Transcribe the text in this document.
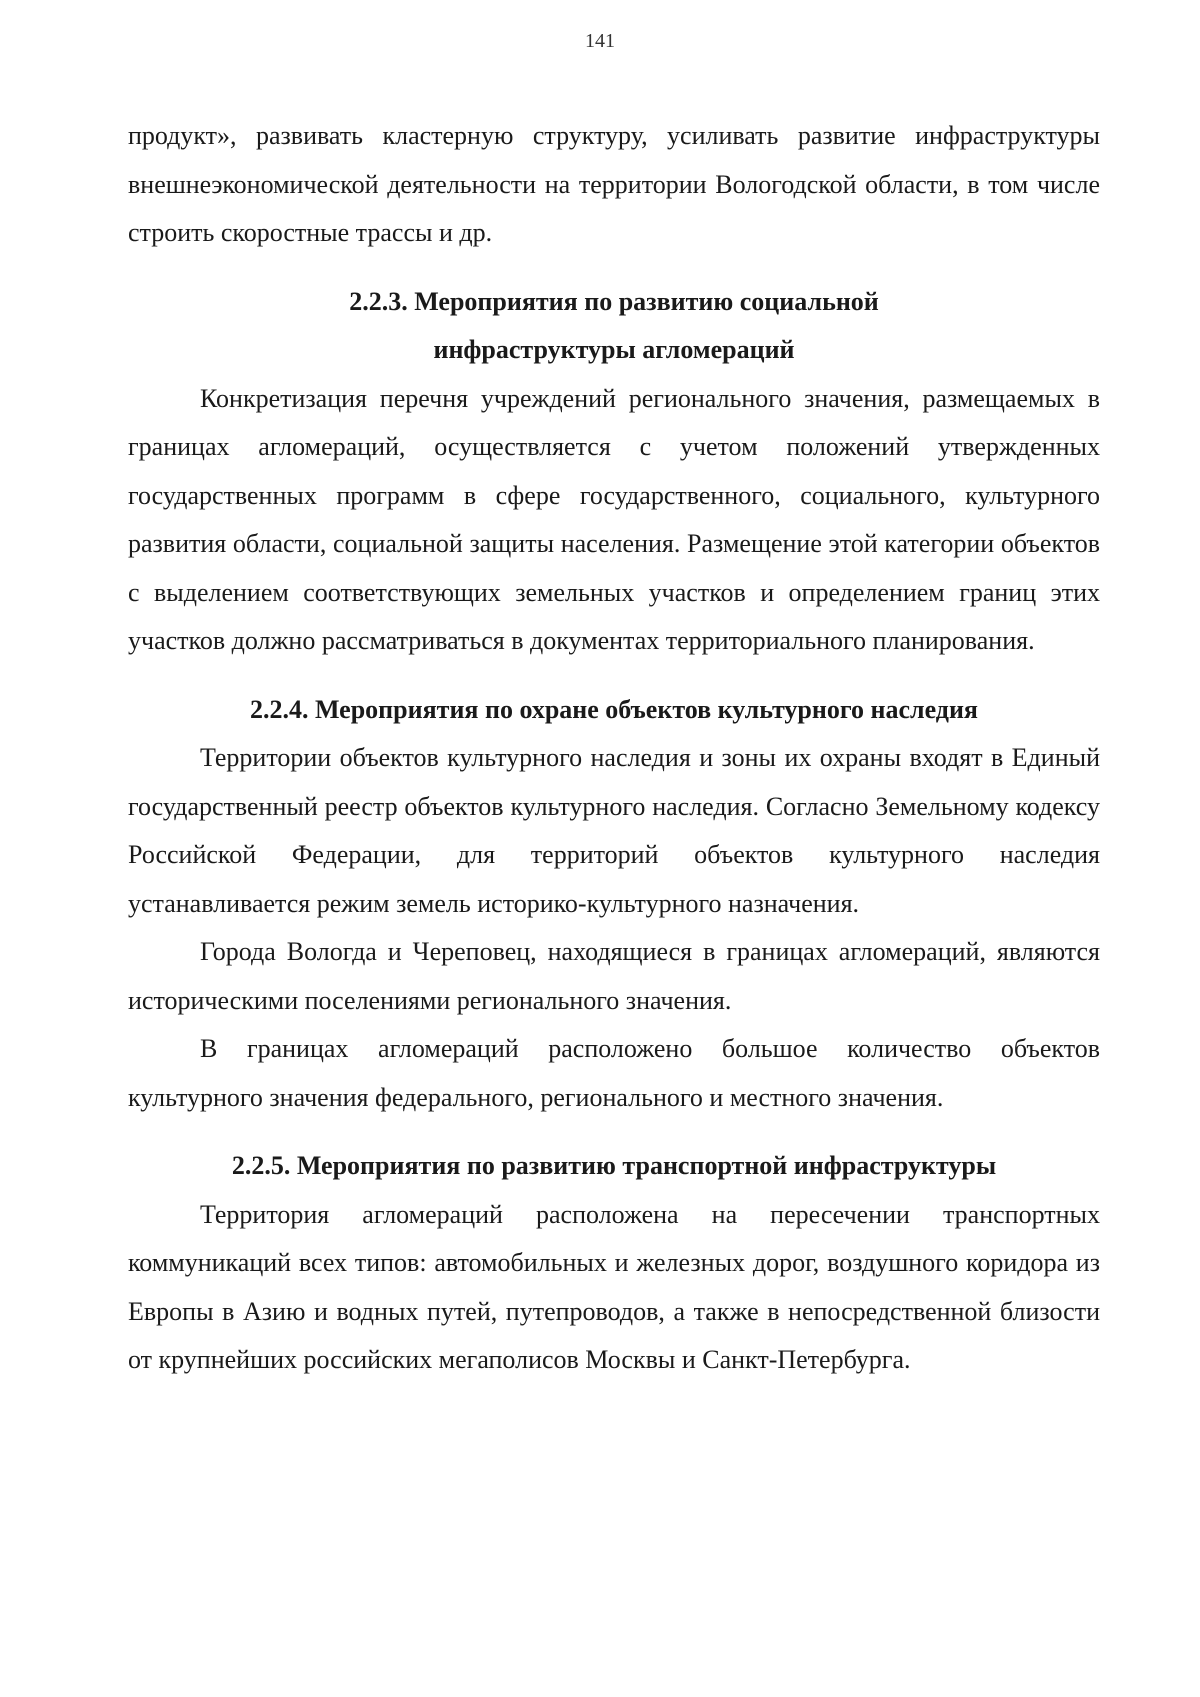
141

продукт», развивать кластерную структуру, усиливать развитие инфраструктуры внешнеэкономической деятельности на территории Вологодской области, в том числе строить скоростные трассы и др.

2.2.3. Мероприятия по развитию социальной инфраструктуры агломераций

Конкретизация перечня учреждений регионального значения, размещаемых в границах агломераций, осуществляется с учетом положений утвержденных государственных программ в сфере государственного, социального, культурного развития области, социальной защиты населения. Размещение этой категории объектов с выделением соответствующих земельных участков и определением границ этих участков должно рассматриваться в документах территориального планирования.

2.2.4. Мероприятия по охране объектов культурного наследия

Территории объектов культурного наследия и зоны их охраны входят в Единый государственный реестр объектов культурного наследия. Согласно Земельному кодексу Российской Федерации, для территорий объектов культурного наследия устанавливается режим земель историко-культурного назначения.

Города Вологда и Череповец, находящиеся в границах агломераций, являются историческими поселениями регионального значения.

В границах агломераций расположено большое количество объектов культурного значения федерального, регионального и местного значения.

2.2.5. Мероприятия по развитию транспортной инфраструктуры

Территория агломераций расположена на пересечении транспортных коммуникаций всех типов: автомобильных и железных дорог, воздушного коридора из Европы в Азию и водных путей, путепроводов, а также в непосредственной близости от крупнейших российских мегаполисов Москвы и Санкт-Петербурга.
